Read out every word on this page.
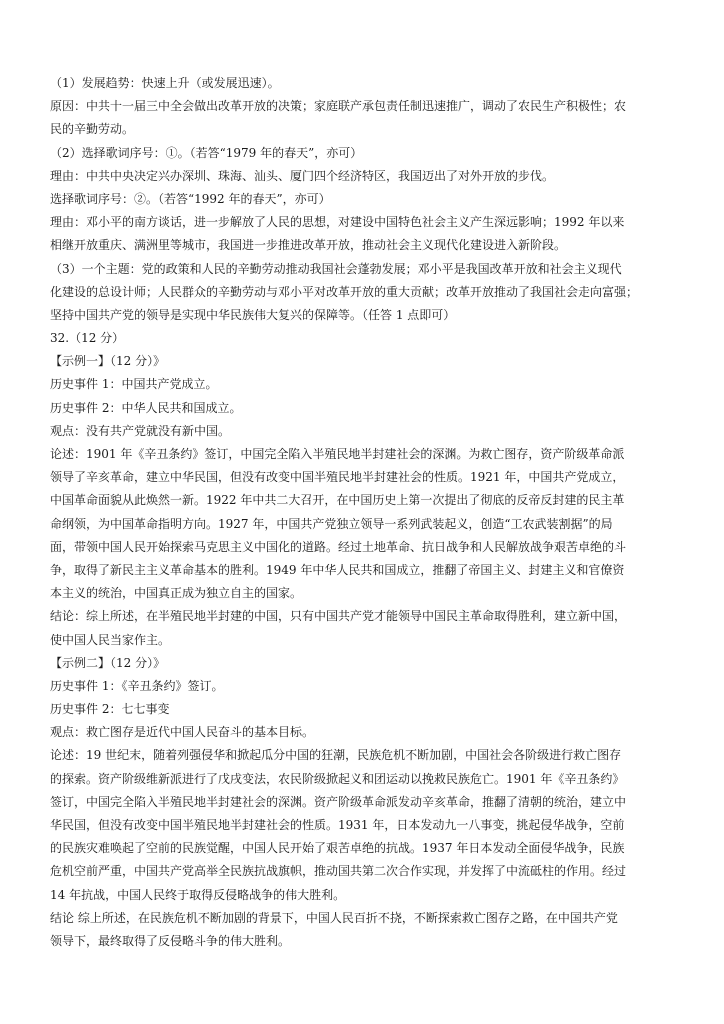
（1）发展趋势：快速上升（或发展迅速）。
原因：中共十一届三中全会做出改革开放的决策；家庭联产承包责任制迅速推广，调动了农民生产积极性；农
民的辛勤劳动。
（2）选择歌词序号：①。（若答“1979 年的春天”，亦可）
理由：中共中央决定兴办深圳、珠海、汕头、厦门四个经济特区，我国迈出了对外开放的步伐。
选择歌词序号：②。（若答“1992 年的春天”，亦可）
理由：邓小平的南方谈话，进一步解放了人民的思想，对建设中国特色社会主义产生深远影响；1992 年以来
相继开放重庆、满洲里等城市，我国进一步推进改革开放，推动社会主义现代化建设进入新阶段。
（3）一个主题：党的政策和人民的辛勤劳动推动我国社会蓬勃发展；邓小平是我国改革开放和社会主义现代
化建设的总设计师；人民群众的辛勤劳动与邓小平对改革开放的重大贡献；改革开放推动了我国社会走向富强；
坚持中国共产党的领导是实现中华民族伟大复兴的保障等。（任答 1 点即可）
32.（12 分）
【示例一】（12 分）》
历史事件 1：中国共产党成立。
历史事件 2：中华人民共和国成立。
观点：没有共产党就没有新中国。
论述：1901 年《辛丑条约》签订，中国完全陷入半殖民地半封建社会的深渊。为救亡图存，资产阶级革命派
领导了辛亥革命，建立中华民国，但没有改变中国半殖民地半封建社会的性质。1921 年，中国共产党成立，
中国革命面貌从此焕然一新。1922 年中共二大召开，在中国历史上第一次提出了彻底的反帝反封建的民主革
命纲领，为中国革命指明方向。1927 年，中国共产党独立领导一系列武装起义，创造“工农武装割据”的局
面，带领中国人民开始探索马克思主义中国化的道路。经过土地革命、抗日战争和人民解放战争艰苦卓绝的斗
争，取得了新民主主义革命基本的胜利。1949 年中华人民共和国成立，推翻了帝国主义、封建主义和官僚资
本主义的统治，中国真正成为独立自主的国家。
结论：综上所述，在半殖民地半封建的中国，只有中国共产党才能领导中国民主革命取得胜利，建立新中国，
使中国人民当家作主。
【示例二】（12 分）》
历史事件 1：《辛丑条约》签订。
历史事件 2：七七事变
观点：救亡图存是近代中国人民奋斗的基本目标。
论述：19 世纪末，随着列强侵华和掀起瓜分中国的狂潮，民族危机不断加剧，中国社会各阶级进行救亡图存
的探索。资产阶级维新派进行了戊戌变法，农民阶级掀起义和团运动以挽救民族危亡。1901 年《辛丑条约》
签订，中国完全陷入半殖民地半封建社会的深渊。资产阶级革命派发动辛亥革命，推翻了清朝的统治，建立中
华民国，但没有改变中国半殖民地半封建社会的性质。1931 年，日本发动九一八事变，挑起侵华战争，空前
的民族灾难唤起了空前的民族觉醒，中国人民开始了艰苦卓绝的抗战。1937 年日本发动全面侵华战争，民族
危机空前严重，中国共产党高举全民族抗战旗帜，推动国共第二次合作实现，并发挥了中流砥柱的作用。经过
14 年抗战，中国人民终于取得反侵略战争的伟大胜利。
结论 综上所述，在民族危机不断加剧的背景下，中国人民百折不挠，不断探索救亡图存之路，在中国共产党
领导下，最终取得了反侵略斗争的伟大胜利。
